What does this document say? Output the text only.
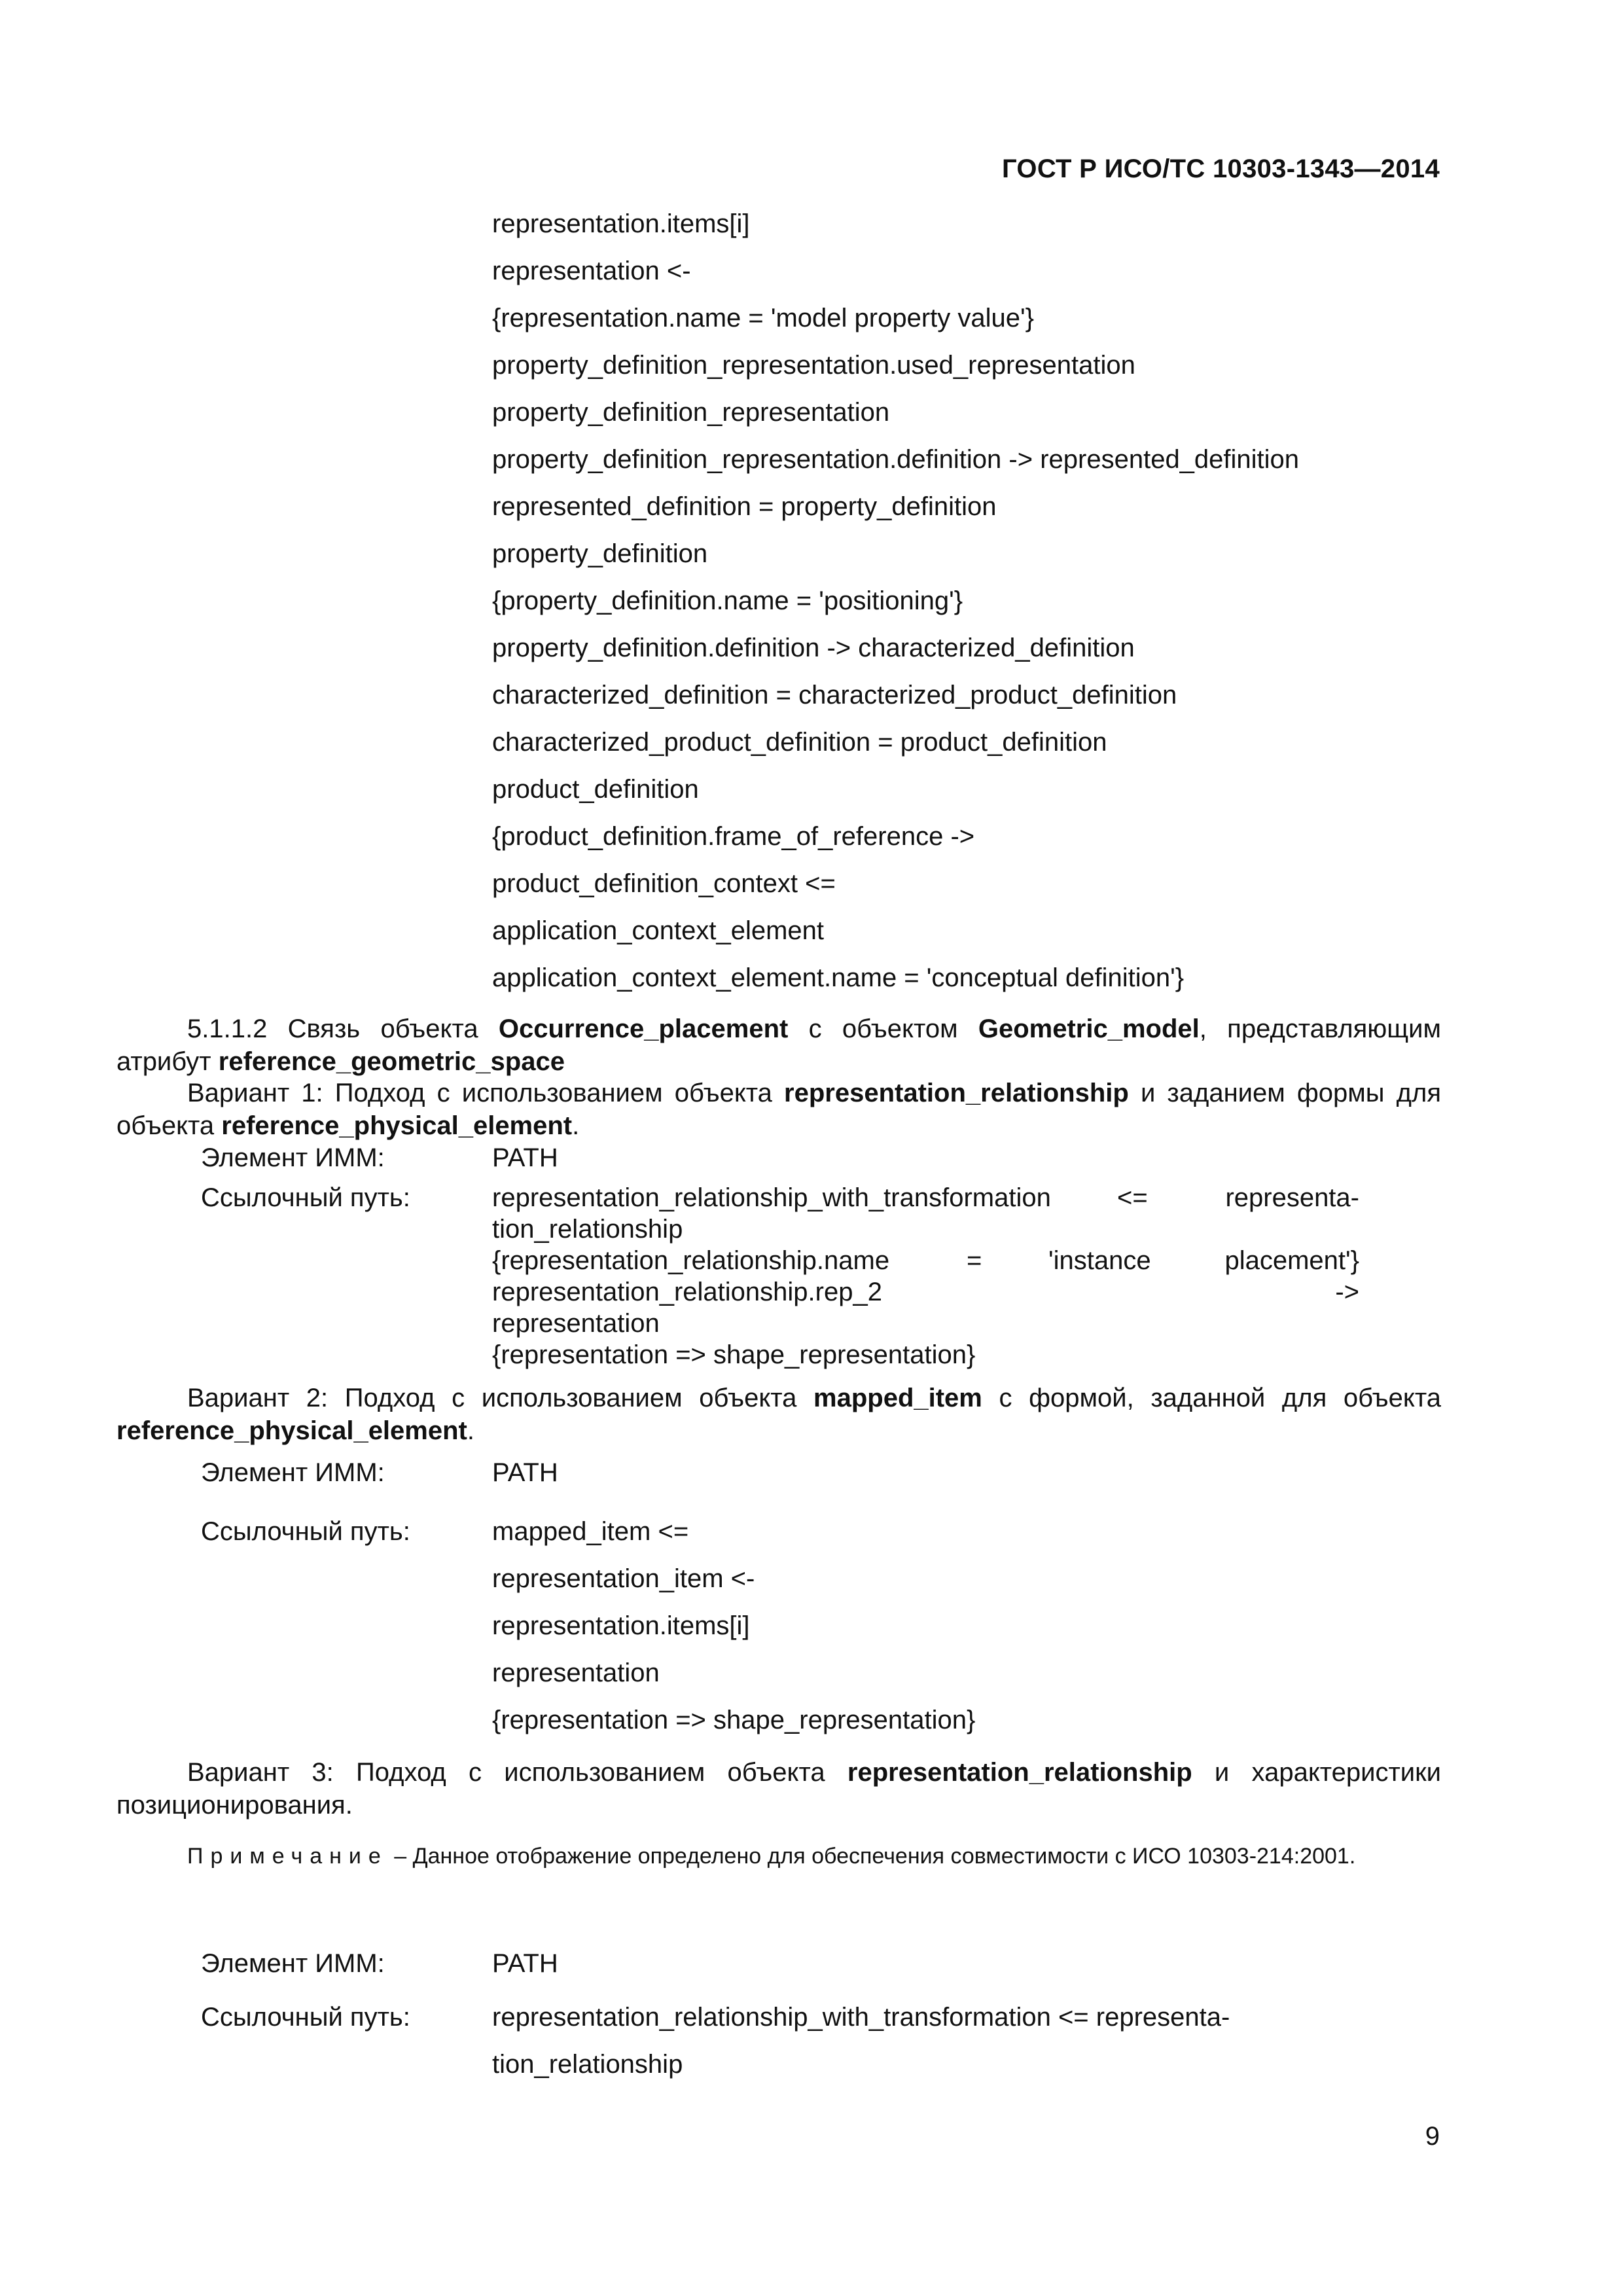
ГОСТ Р ИСО/ТС 10303-1343—2014
representation.items[i]
representation <-
{representation.name = 'model property value'}
property_definition_representation.used_representation
property_definition_representation
property_definition_representation.definition -> represented_definition
represented_definition = property_definition
property_definition
{property_definition.name = 'positioning'}
property_definition.definition -> characterized_definition
characterized_definition = characterized_product_definition
characterized_product_definition = product_definition
product_definition
{product_definition.frame_of_reference ->
product_definition_context <=
application_context_element
application_context_element.name = 'conceptual definition'}
5.1.1.2 Связь объекта Occurrence_placement с объектом Geometric_model, представляющим атрибут reference_geometric_space
Вариант 1: Подход с использованием объекта representation_relationship и заданием формы для объекта reference_physical_element.
Элемент ИММ:	PATH
Ссылочный путь:	representation_relationship_with_transformation	<=	representa-
tion_relationship
{representation_relationship.name	=	'instance	placement'}
representation_relationship.rep_2	->
representation
{representation => shape_representation}
Вариант 2: Подход с использованием объекта mapped_item с формой, заданной для объекта reference_physical_element.
Элемент ИММ:	PATH
Ссылочный путь:	mapped_item <=
representation_item <-
representation.items[i]
representation
{representation => shape_representation}
Вариант 3: Подход с использованием объекта representation_relationship и характеристики позиционирования.
Примечание – Данное отображение определено для обеспечения совместимости с ИСО 10303-214:2001.
Элемент ИММ:	PATH
Ссылочный путь:	representation_relationship_with_transformation <= representa-
tion_relationship
9
